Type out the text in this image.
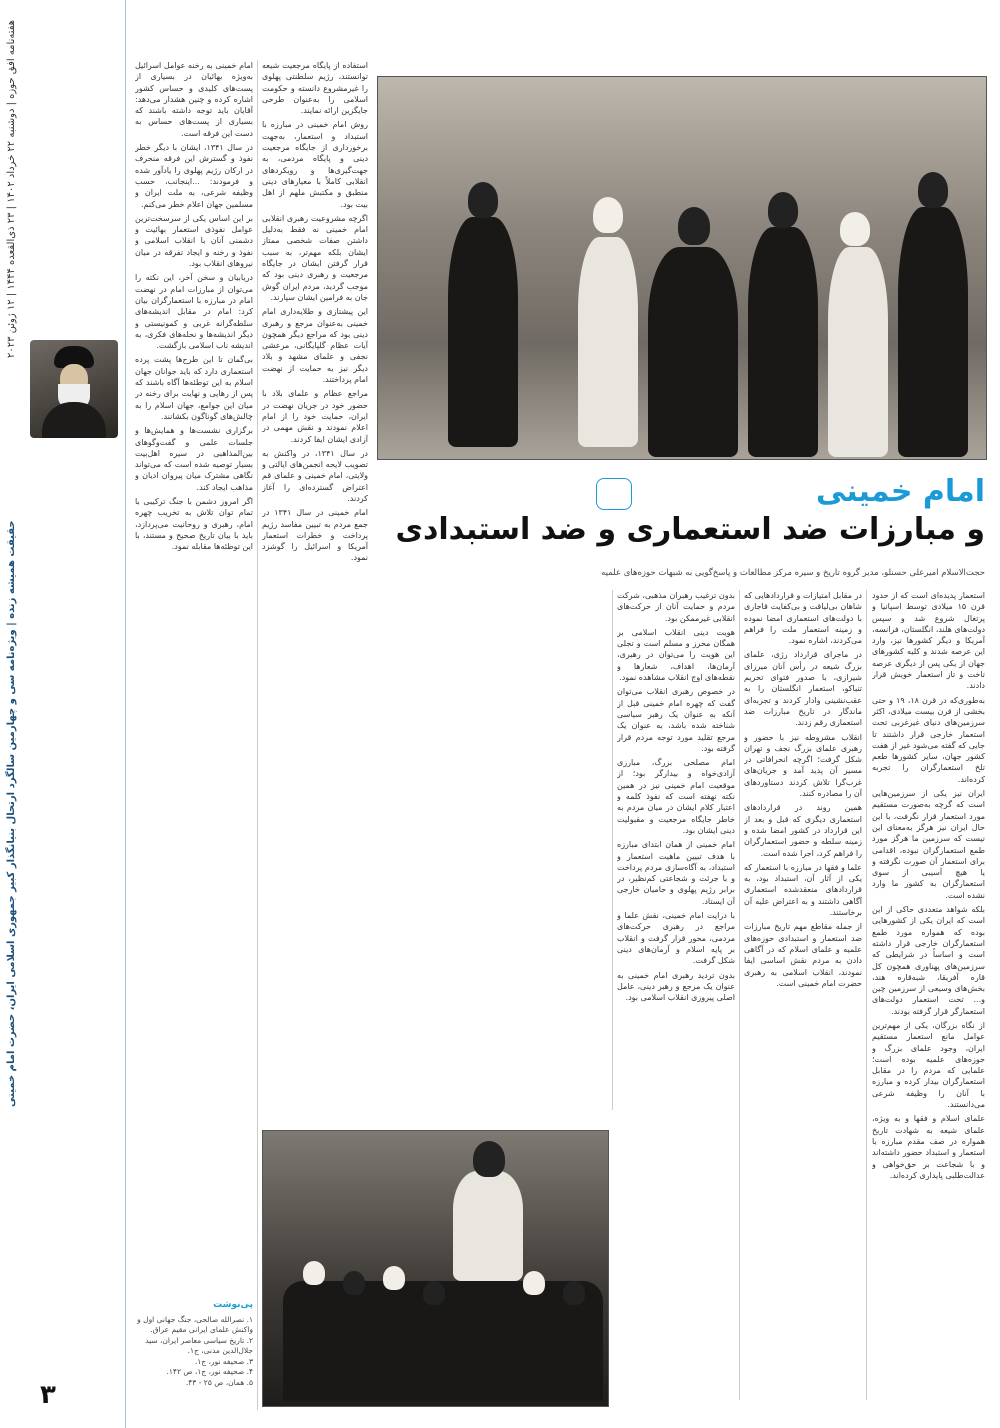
هفته‌نامه افق حوزه | دوشنبه ۲۲ خرداد ۱۴۰۲ | ۲۳ ذی‌القعده ۱۴۴۴ | ۱۲ ژوئن ۲۰۲۳
حقیقت همیشه زنده | ویژه‌نامه سی و چهارمین سالگرد ارتحال بنیانگذار کبیر جمهوری اسلامی ایران، حضرت امام خمینی
۳
امام خمینی
و مبارزات ضد استعماری و ضد استبدادی
حجت‌الاسلام امیرعلی حسنلو، مدیر گروه تاریخ و سیره مرکز مطالعات و پاسخ‌گویی به شبهات حوزه‌های علمیه

استعمار پدیده‌ای است که از حدود قرن ۱۵ میلادی توسط اسپانیا و پرتغال شروع شد و سپس دولت‌های هلند، انگلستان، فرانسه، آمریکا و دیگر کشورها نیز، وارد این عرصه شدند و کلیه کشورهای جهان از یکی پس از دیگری عرصه تاخت و تاز استعمار خویش قرار دادند.

به‌طوری‌که در قرن ۱۸، ۱۹ و حتی بخشی از قرن بیست میلادی، اکثر سرزمین‌های دنیای غیرغربی تحت استعمار خارجی قرار داشتند تا جایی که گفته می‌شود غیر از هفت کشور جهان، سایر کشورها طعم تلخ استعمارگران را تجربه کرده‌اند.

ایران نیز یکی از سرزمین‌هایی است که گرچه به‌صورت مستقیم مورد استعمار قرار نگرفت، با این حال ایران نیز هرگز به‌معنای این نیست که سرزمین ما هرگز مورد طمع استعمارگران نبوده، اقدامی برای استعمار آن صورت نگرفته و یا هیچ آسیبی از سوی استعمارگران به کشور ما وارد نشده است.

بلکه شواهد متعددی حاکی از این است که ایران یکی از کشورهایی بوده که همواره مورد طمع استعمارگران خارجی قرار داشته است و اساساً در شرایطی که سرزمین‌های پهناوری همچون کل قاره آفریقا، شبه‌قاره هند، بخش‌های وسیعی از سرزمین چین و... تحت استعمار دولت‌های استعمارگر قرار گرفته بودند.

از نگاه بزرگان، یکی از مهم‌ترین عوامل مانع استعمار مستقیم ایران، وجود علمای بزرگ و حوزه‌های علمیه بوده است؛ علمایی که مردم را در مقابل استعمارگران بیدار کرده و مبارزه با آنان را وظیفه شرعی می‌دانستند.

علمای اسلام و فقها و به ویژه، علمای شیعه به شهادت تاریخ همواره در صف مقدم مبارزه با استعمار و استبداد حضور داشته‌اند و با شجاعت بر حق‌خواهی و عدالت‌طلبی پایداری کرده‌اند.

در مقابل امتیازات و قراردادهایی که شاهان بی‌لیاقت و بی‌کفایت قاجاری با دولت‌های استعماری امضا نموده و زمینه استعمار ملت را فراهم می‌کردند، اشاره نمود.

در ماجرای قرارداد رژی، علمای بزرگ شیعه در رأس آنان میرزای شیرازی، با صدور فتوای تحریم تنباکو، استعمار انگلستان را به عقب‌نشینی وادار کردند و تجربه‌ای ماندگار در تاریخ مبارزات ضد استعماری رقم زدند.

انقلاب مشروطه نیز با حضور و رهبری علمای بزرگ نجف و تهران شکل گرفت؛ اگرچه انحرافاتی در مسیر آن پدید آمد و جریان‌های غرب‌گرا تلاش کردند دستاوردهای آن را مصادره کنند.

همین روند در قراردادهای استعماری دیگری که قبل و بعد از این قرارداد در کشور امضا شده و زمینه سلطه و حضور استعمارگران را فراهم کرد، اجرا شده است.

علما و فقها در مبارزه با استعمار که یکی از آثار آن، استبداد بود، به قراردادهای منعقدشده استعماری آگاهی داشتند و به اعتراض علیه آن برخاستند.

از جمله مقاطع مهم تاریخ مبارزات ضد استعمار و استبدادی حوزه‌های علمیه و علمای اسلام که در آگاهی دادن به مردم نقش اساسی ایفا نمودند، انقلاب اسلامی به رهبری حضرت امام خمینی است.

بدون ترغیب رهبران مذهبی، شرکت مردم و حمایت آنان از حرکت‌های انقلابی غیرممکن بود.

هویت دینی انقلاب اسلامی بر همگان محرز و مسلم است و تجلی این هویت را می‌توان در رهبری، آرمان‌ها، اهداف، شعارها و نقطه‌های اوج انقلاب مشاهده نمود.

در خصوص رهبری انقلاب می‌توان گفت که چهره امام خمینی قبل از آنکه به عنوان یک رهبر سیاسی شناخته شده باشد، به عنوان یک مرجع تقلید مورد توجه مردم قرار گرفته بود.

امام مصلحی بزرگ، مبارزی آزادی‌خواه و بیدارگر بود؛ از موقعیت امام خمینی نیز در همین نکته نهفته است که نفوذ کلمه و اعتبار کلام ایشان در میان مردم به خاطر جایگاه مرجعیت و مقبولیت دینی ایشان بود.

امام خمینی از همان ابتدای مبارزه با هدف تبیین ماهیت استعمار و استبداد، به آگاه‌سازی مردم پرداخت و با جرئت و شجاعتی کم‌نظیر، در برابر رژیم پهلوی و حامیان خارجی آن ایستاد.

با درایت امام خمینی، نقش علما و مراجع در رهبری حرکت‌های مردمی، محور قرار گرفت و انقلاب بر پایه اسلام و آرمان‌های دینی شکل گرفت.

بدون تردید رهبری امام خمینی به عنوان یک مرجع و رهبر دینی، عامل اصلی پیروزی انقلاب اسلامی بود.

استفاده از پایگاه مرجعیت شیعه توانستند، رژیم سلطنتی پهلوی را غیرمشروع دانسته و حکومت اسلامی را به‌عنوان طرحی جایگزین ارائه نمایند.

روش امام خمینی در مبارزه با استبداد و استعمار، به‌جهت برخورداری از جایگاه مرجعیت دینی و پایگاه مردمی، به جهت‌گیری‌ها و رویکردهای انقلابی کاملاً با معیارهای دینی منطبق و مکتبش ملهم از اهل بیت بود.

اگرچه مشروعیت رهبری انقلابی امام خمینی نه فقط به‌دلیل داشتن صفات شخصی ممتاز ایشان بلکه مهم‌تر، به سبب قرار گرفتن ایشان در جایگاه مرجعیت و رهبری دینی بود که موجب گردید، مردم ایران گوش جان به فرامین ایشان سپارند.

این پیشتازی و طلایه‌داری امام خمینی به‌عنوان مرجع و رهبری دینی بود که مراجع دیگر همچون آیات عظام گلپایگانی، مرعشی نجفی و علمای مشهد و بلاد دیگر نیز به حمایت از نهضت امام پرداختند.

مراجع عظام و علمای بلاد با حضور خود در جریان نهضت در ایران، حمایت خود را از امام اعلام نمودند و نقش مهمی در آزادی ایشان ایفا کردند.

در سال ۱۳۴۱، در واکنش به تصویب لایحه انجمن‌های ایالتی و ولایتی، امام خمینی و علمای قم اعتراض گسترده‌ای را آغاز کردند.

امام خمینی در سال ۱۳۴۱ در جمع مردم به تبیین مفاسد رژیم پرداخت و خطرات استعمار آمریکا و اسرائیل را گوشزد نمود.

امام خمینی به رخنه عوامل اسرائیل به‌ویژه بهائیان در بسیاری از پست‌های کلیدی و حساس کشور اشاره کرده و چنین هشدار می‌دهد: آقایان باید توجه داشته باشند که بسیاری از پست‌های حساس به دست این فرقه است.

در سال ۱۳۴۱، ایشان با دیگر خطر نفوذ و گسترش این فرقه منحرف در ارکان رژیم پهلوی را یادآور شده و فرمودند: ...اینجانب، حسب وظیفه شرعی، به ملت ایران و مسلمین جهان اعلام خطر می‌کنم.

بر این اساس یکی از سرسخت‌ترین عوامل نفوذی استعمار بهائیت و دشمنی آنان با انقلاب اسلامی و نفوذ و رخنه و ایجاد تفرقه در میان نیروهای انقلاب بود.

دریابیان و سخن آخر، این نکته را می‌توان از مبارزات امام در نهضت امام در مبارزه با استعمارگران بیان کرد: امام در مقابل اندیشه‌های سلطه‌گرانه غربی و کمونیستی و دیگر اندیشه‌ها و نحله‌های فکری، به اندیشه ناب اسلامی بازگشت.

بی‌گمان تا این طرح‌ها پشت پرده استعماری دارد که باید جوانان جهان اسلام به این توطئه‌ها آگاه باشند که پس از رهایی و نهایت برای رخنه در میان این جوامع، جهان اسلام را به چالش‌های گوناگون بکشانند.

برگزاری نشست‌ها و همایش‌ها و جلسات علمی و گفت‌وگوهای بین‌المذاهبی در سیره اهل‌بیت بسیار توصیه شده است که می‌تواند نگاهی مشترک میان پیروان ادیان و مذاهب ایجاد کند.

اگر امروز دشمن با جنگ ترکیبی با تمام توان تلاش به تخریب چهره امام، رهبری و روحانیت می‌پردازد، باید با بیان تاریخ صحیح و مستند، با این توطئه‌ها مقابله نمود.

پی‌نوشت
۱. نصرالله صالحی، جنگ جهانی اول و واکنش علمای ایرانی مقیم عراق.
۲. تاریخ سیاسی معاصر ایران، سید جلال‌الدین مدنی، ج۱.
۳. صحیفه نور، ج۱.
۴. صحیفه نور، ج۱، ص ۱۴۲.
۵. همان، ص ۲۵ - ۴۳.
